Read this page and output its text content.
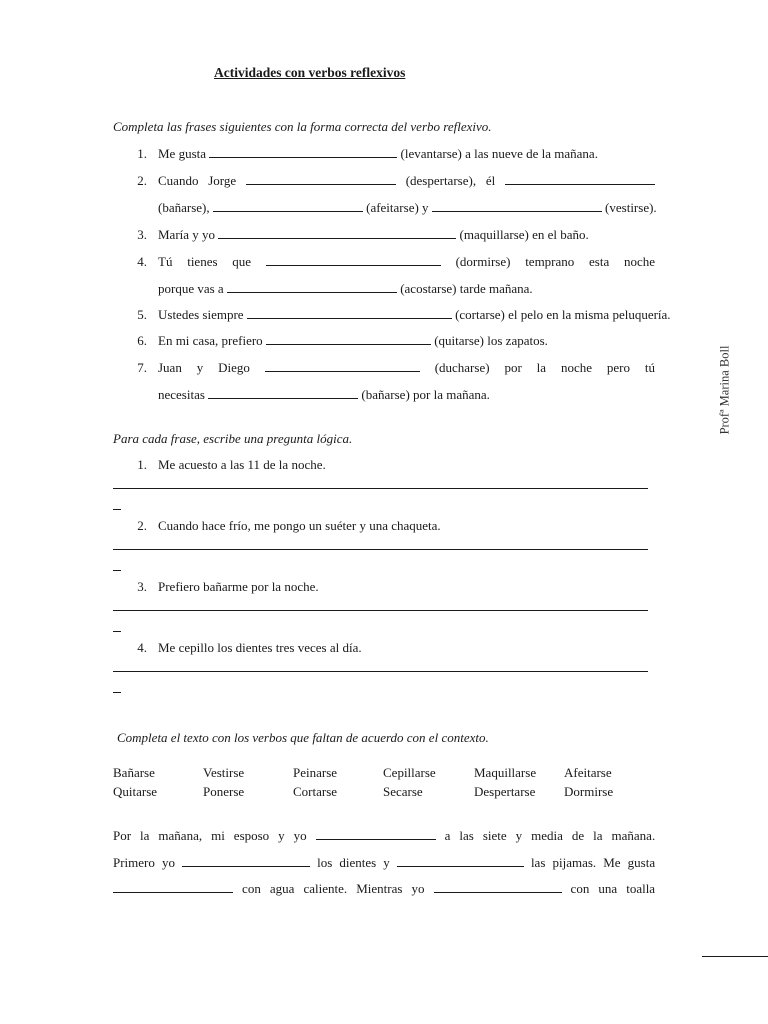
Actividades con verbos reflexivos
Profª Marina Boll
Completa las frases siguientes con la forma correcta del verbo reflexivo.
1. Me gusta	(levantarse) a las nueve de la mañana.
2. Cuando Jorge	(despertarse), él
(bañarse),	(afeitarse) y	(vestirse).
3. María y yo	(maquillarse) en el baño.
4. Tú tienes que	(dormirse) temprano esta noche
porque vas a	(acostarse) tarde mañana.
5. Ustedes siempre	(cortarse) el pelo en la misma peluquería.
6. En mi casa, prefiero	(quitarse) los zapatos.
7. Juan y Diego	(ducharse) por la noche pero tú
necesitas	(bañarse) por la mañana.
Para cada frase, escribe una pregunta lógica.
1. Me acuesto a las 11 de la noche.
2. Cuando hace frío, me pongo un suéter y una chaqueta.
3. Prefiero bañarme por la noche.
4. Me cepillo los dientes tres veces al día.
Completa el texto con los verbos que faltan de acuerdo con el contexto.
Bañarse	Vestirse	Peinarse	Cepillarse	Maquillarse Afeitarse
Quitarse	Ponerse	Cortarse	Secarse	Despertarse Dormirse
Por la mañana, mi esposo y yo	a las siete y media de la mañana.
Primero yo	los dientes y	las pijamas. Me gusta
con agua caliente. Mientras yo	con una toalla
